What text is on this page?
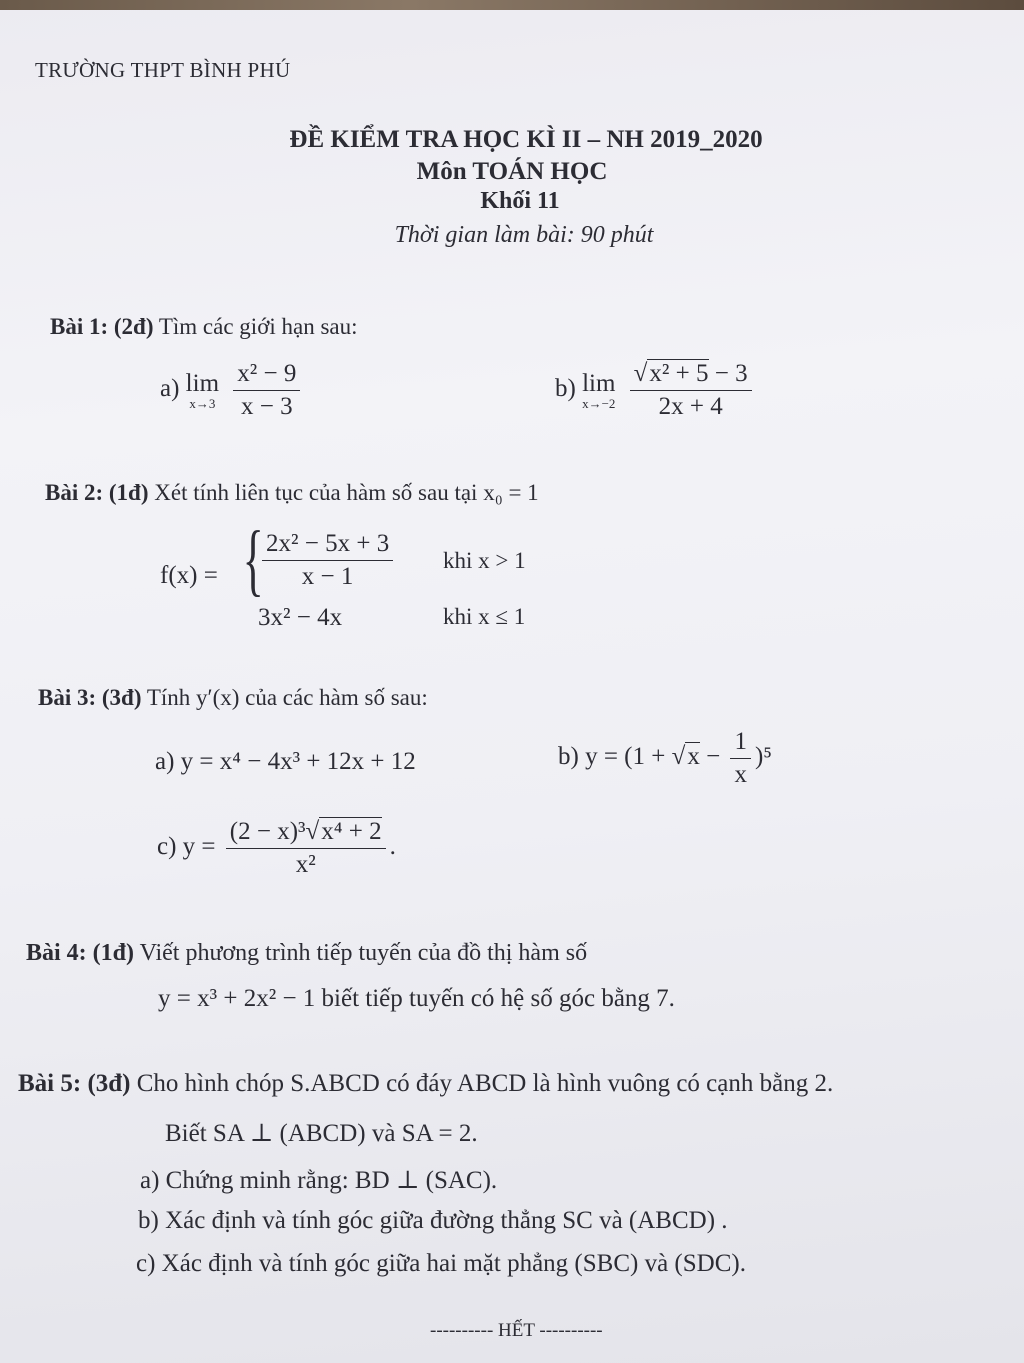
TRƯỜNG THPT BÌNH PHÚ
ĐỀ KIỂM TRA HỌC KÌ II – NH 2019_2020
Môn TOÁN HỌC
Khối 11
Thời gian làm bài: 90 phút
Bài 1: (2đ) Tìm các giới hạn sau:
a) lim
x→3
$\frac{\text{x² − 9}}{x - 3}$	b) lim
x→−2
$\frac{\text{√x² + 5 − 3}}{2x + 4}$
Bài 2: (1đ) Xét tính liên tục của hàm số sau tại x₀ = 1
f(x) = {
$\frac{\text{2x² − 5x + 3}}{x - 1}$ khi x > 1
3x² − 4x	khi x ≤ 1
Bài 3: (3đ) Tính y′(x) của các hàm số sau:
a) y = x⁴ − 4x³ + 12x + 12	b) $y = (1 + √x - \frac{1}{x} )^5$
c) $y = \frac{\text{(2 − x)³√x⁴ + 2}}{\text{x²}}$ .
Bài 4: (1đ) Viết phương trình tiếp tuyến của đồ thị hàm số
y = x³ + 2x² − 1 biết tiếp tuyến có hệ số góc bằng 7.
Bài 5: (3đ) Cho hình chóp S.ABCD có đáy ABCD là hình vuông có cạnh bằng 2.
Biết SA ⊥ (ABCD) và SA = 2.
a) Chứng minh rằng: BD ⊥ (SAC).
b) Xác định và tính góc giữa đường thẳng SC và (ABCD) .
c) Xác định và tính góc giữa hai mặt phẳng (SBC) và (SDC).
---------- HẾT ----------
